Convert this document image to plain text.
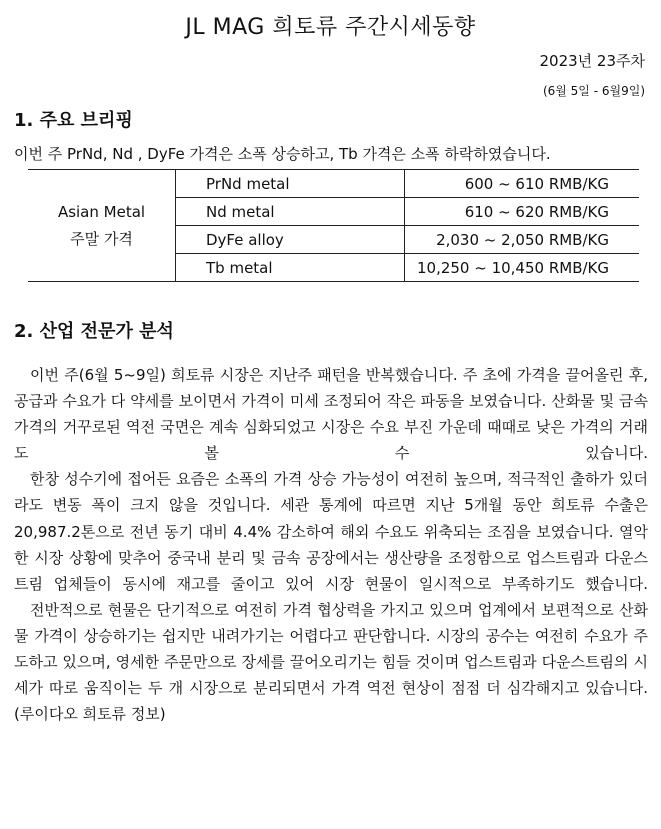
JL MAG 희토류 주간시세동향
2023년 23주차
(6월 5일 - 6월9일)
1. 주요 브리핑
이번 주 PrNd, Nd , DyFe 가격은 소폭 상승하고, Tb 가격은 소폭 하락하였습니다.
Asian Metal
주말 가격	PrNd metal	600 ~ 610 RMB/KG
	Nd metal	610 ~ 620 RMB/KG
	DyFe alloy	2,030 ~ 2,050 RMB/KG
	Tb metal	10,250 ~ 10,450 RMB/KG
2. 산업 전문가 분석

이번 주(6월 5~9일) 희토류 시장은 지난주 패턴을 반복했습니다. 주 초에 가격을 끌어올린 후, 공급과 수요가 다 약세를 보이면서 가격이 미세 조정되어 작은 파동을 보였습니다. 산화물 및 금속 가격의 거꾸로된 역전 국면은 계속 심화되었고 시장은 수요 부진 가운데 때때로 낮은 가격의 거래도 볼 수 있습니다.

한창 성수기에 접어든 요즘은 소폭의 가격 상승 가능성이 여전히 높으며, 적극적인 출하가 있더라도 변동 폭이 크지 않을 것입니다. 세관 통계에 따르면 지난 5개월 동안 희토류 수출은 20,987.2톤으로 전년 동기 대비 4.4% 감소하여 해외 수요도 위축되는 조짐을 보였습니다. 열악한 시장 상황에 맞추어 중국내 분리 및 금속 공장에서는 생산량을 조정함으로 업스트림과 다운스트림 업체들이 동시에 재고를 줄이고 있어 시장 현물이 일시적으로 부족하기도 했습니다.

전반적으로 현물은 단기적으로 여전히 가격 협상력을 가지고 있으며 업계에서 보편적으로 산화물 가격이 상승하기는 쉽지만 내려가기는 어렵다고 판단합니다. 시장의 공수는 여전히 수요가 주도하고 있으며, 영세한 주문만으로 장세를 끌어오리기는 힘들 것이며 업스트림과 다운스트림의 시세가 따로 움직이는 두 개 시장으로 분리되면서 가격 역전 현상이 점점 더 심각해지고 있습니다.(루이다오 희토류 정보)
